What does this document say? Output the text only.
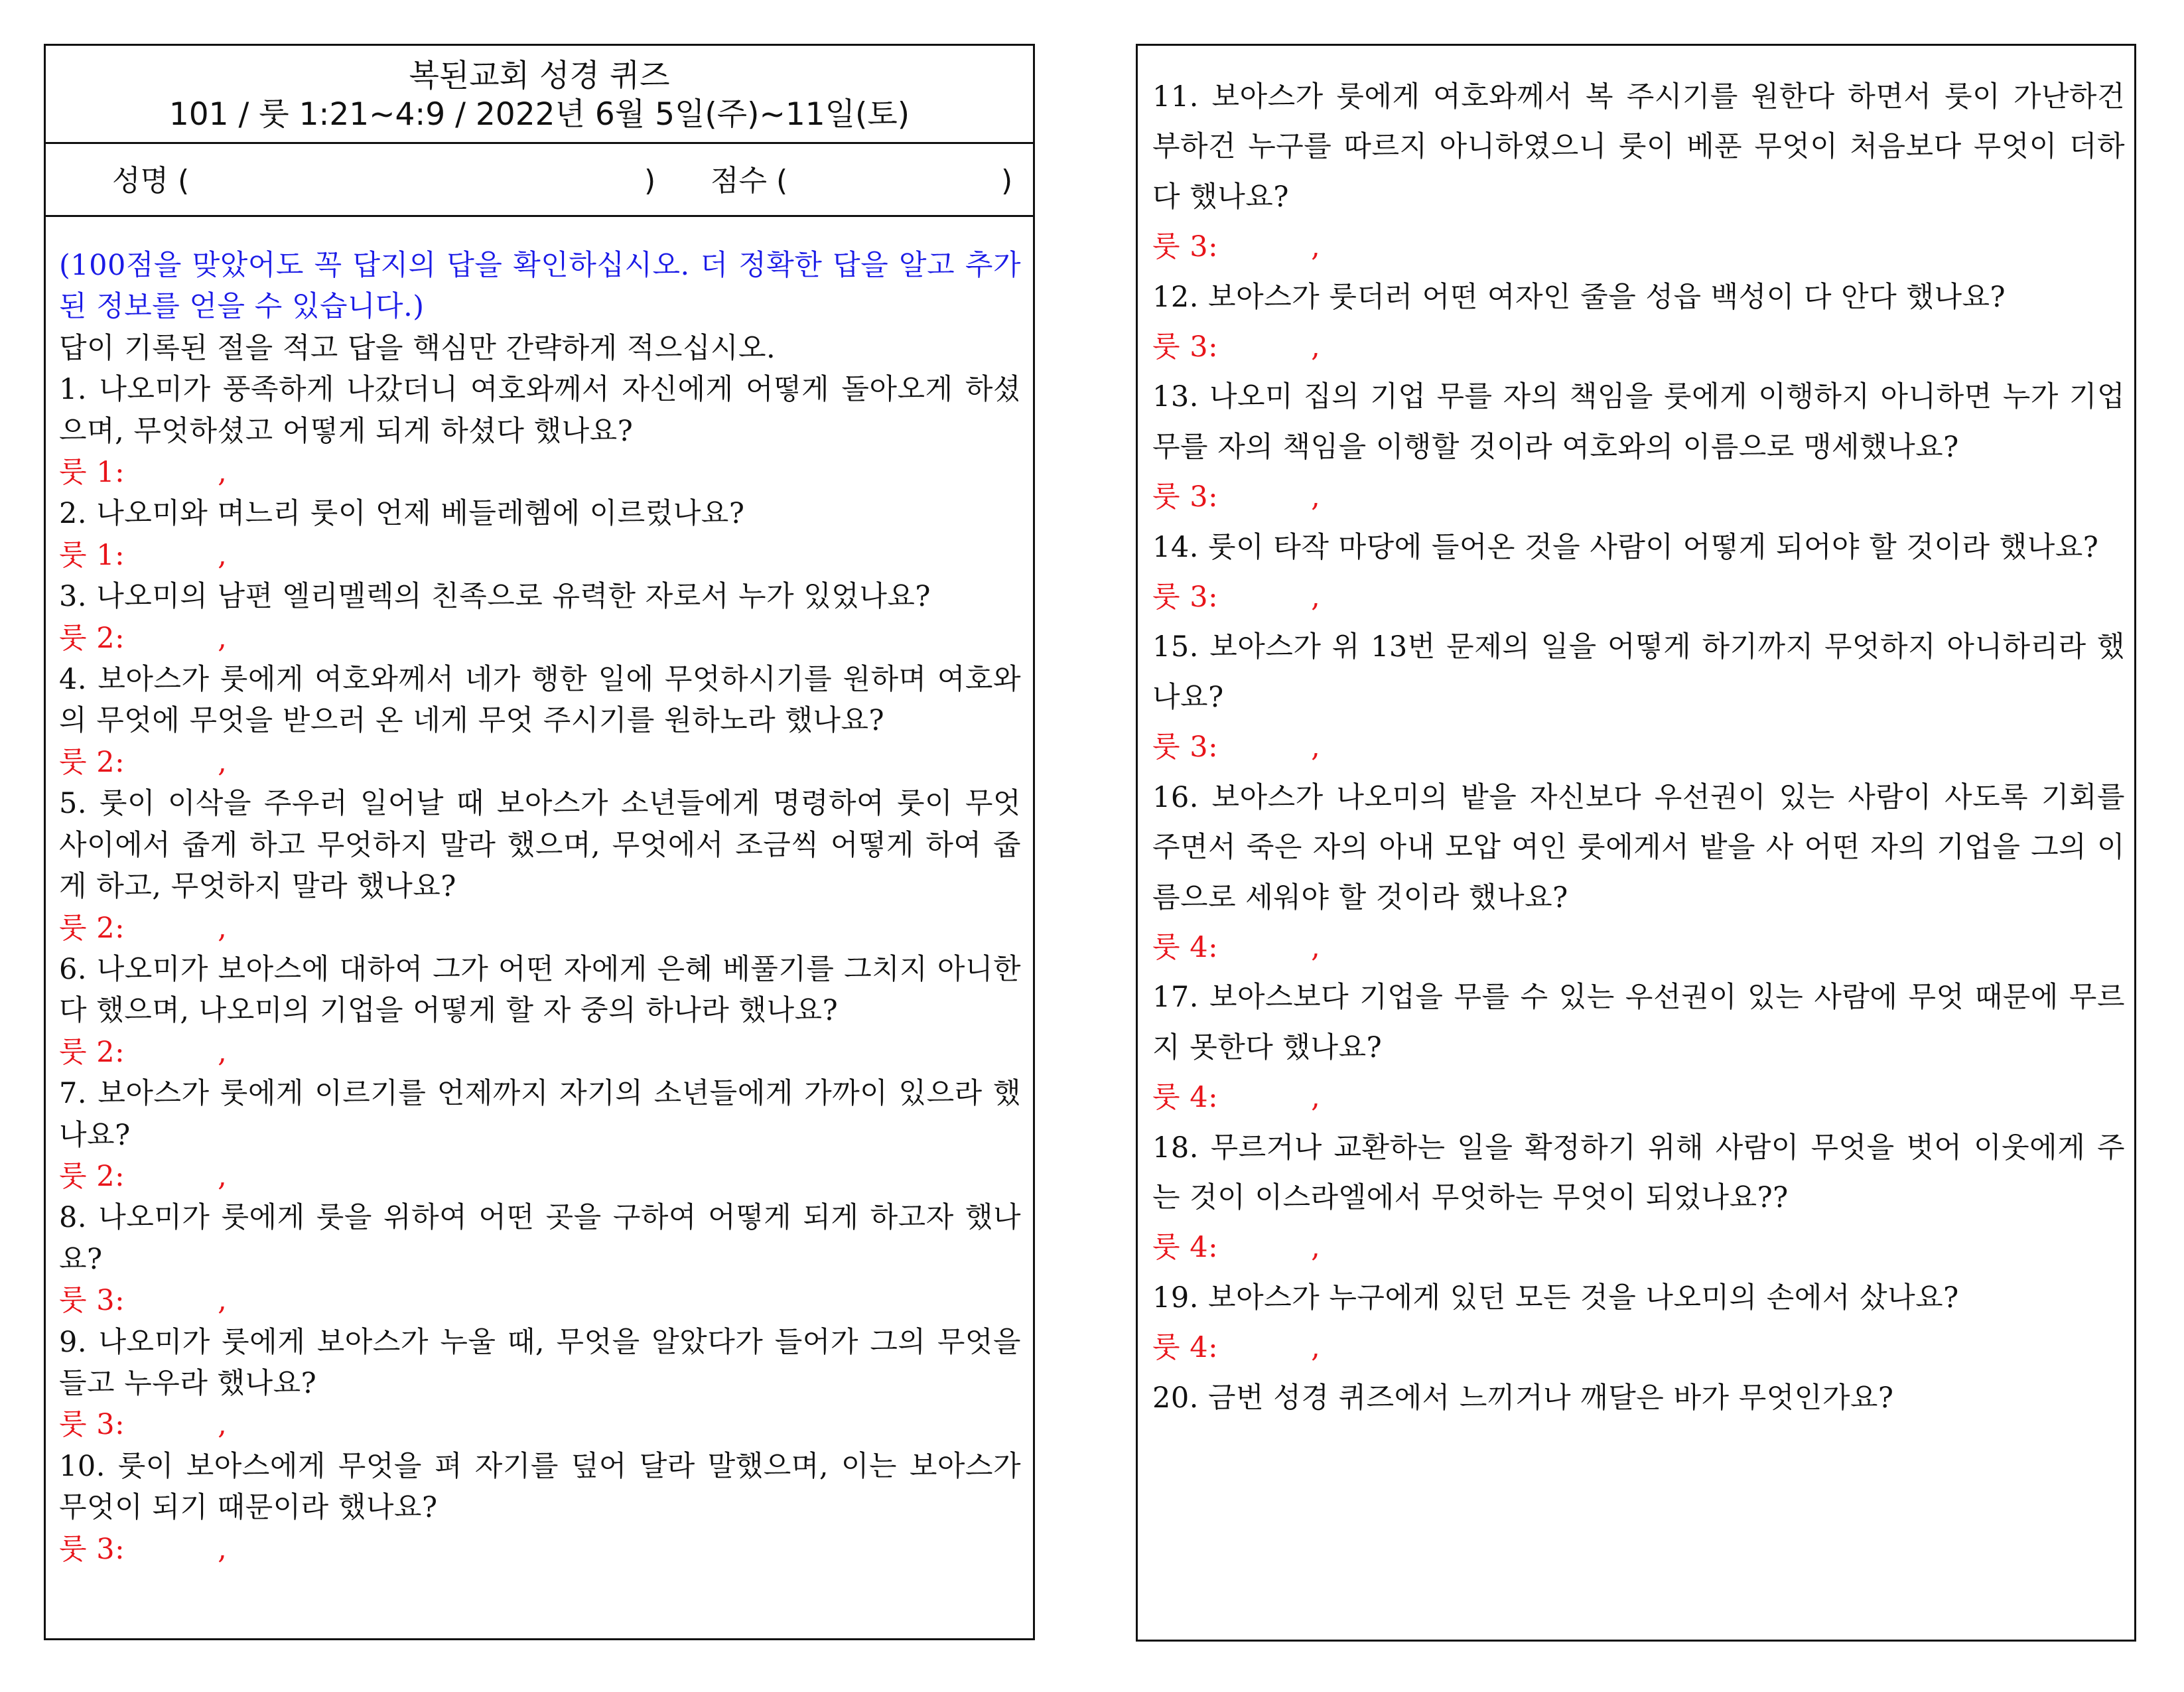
복된교회 성경 퀴즈
101 / 룻 1:21~4:9 / 2022년 6월 5일(주)~11일(토)
성명 (	) 점수 (	)

(100점을 맞았어도 꼭 답지의 답을 확인하십시오. 더 정확한 답을 알고 추가된 정보를 얻을 수 있습니다.)

답이 기록된 절을 적고 답을 핵심만 간략하게 적으십시오.

1. 나오미가 풍족하게 나갔더니 여호와께서 자신에게 어떻게 돌아오게 하셨으며, 무엇하셨고 어떻게 되게 하셨다 했나요?

룻 1:	,

2. 나오미와 며느리 룻이 언제 베들레헴에 이르렀나요?

룻 1:	,

3. 나오미의 남편 엘리멜렉의 친족으로 유력한 자로서 누가 있었나요?

룻 2:	,

4. 보아스가 룻에게 여호와께서 네가 행한 일에 무엇하시기를 원하며 여호와의 무엇에 무엇을 받으러 온 네게 무엇 주시기를 원하노라 했나요?

룻 2:	,

5. 룻이 이삭을 주우러 일어날 때 보아스가 소년들에게 명령하여 룻이 무엇 사이에서 줍게 하고 무엇하지 말라 했으며, 무엇에서 조금씩 어떻게 하여 줍게 하고, 무엇하지 말라 했나요?

룻 2:	,

6. 나오미가 보아스에 대하여 그가 어떤 자에게 은혜 베풀기를 그치지 아니한다 했으며, 나오미의 기업을 어떻게 할 자 중의 하나라 했나요?

룻 2:	,

7. 보아스가 룻에게 이르기를 언제까지 자기의 소년들에게 가까이 있으라 했나요?

룻 2:	,

8. 나오미가 룻에게 룻을 위하여 어떤 곳을 구하여 어떻게 되게 하고자 했나요?

룻 3:	,

9. 나오미가 룻에게 보아스가 누울 때, 무엇을 알았다가 들어가 그의 무엇을 들고 누우라 했나요?

룻 3:	,

10. 룻이 보아스에게 무엇을 펴 자기를 덮어 달라 말했으며, 이는 보아스가 무엇이 되기 때문이라 했나요?

룻 3:	,

11. 보아스가 룻에게 여호와께서 복 주시기를 원한다 하면서 룻이 가난하건 부하건 누구를 따르지 아니하였으니 룻이 베푼 무엇이 처음보다 무엇이 더하다 했나요?

룻 3:	,

12. 보아스가 룻더러 어떤 여자인 줄을 성읍 백성이 다 안다 했나요?

룻 3:	,

13. 나오미 집의 기업 무를 자의 책임을 룻에게 이행하지 아니하면 누가 기업 무를 자의 책임을 이행할 것이라 여호와의 이름으로 맹세했나요?

룻 3:	,

14. 룻이 타작 마당에 들어온 것을 사람이 어떻게 되어야 할 것이라 했나요?

룻 3:	,

15. 보아스가 위 13번 문제의 일을 어떻게 하기까지 무엇하지 아니하리라 했나요?

룻 3:	,

16. 보아스가 나오미의 밭을 자신보다 우선권이 있는 사람이 사도록 기회를 주면서 죽은 자의 아내 모압 여인 룻에게서 밭을 사 어떤 자의 기업을 그의 이름으로 세워야 할 것이라 했나요?

룻 4:	,

17. 보아스보다 기업을 무를 수 있는 우선권이 있는 사람에 무엇 때문에 무르지 못한다 했나요?

룻 4:	,

18. 무르거나 교환하는 일을 확정하기 위해 사람이 무엇을 벗어 이웃에게 주는 것이 이스라엘에서 무엇하는 무엇이 되었나요??

룻 4:	,

19. 보아스가 누구에게 있던 모든 것을 나오미의 손에서 샀나요?

룻 4:	,

20. 금번 성경 퀴즈에서 느끼거나 깨달은 바가 무엇인가요?
